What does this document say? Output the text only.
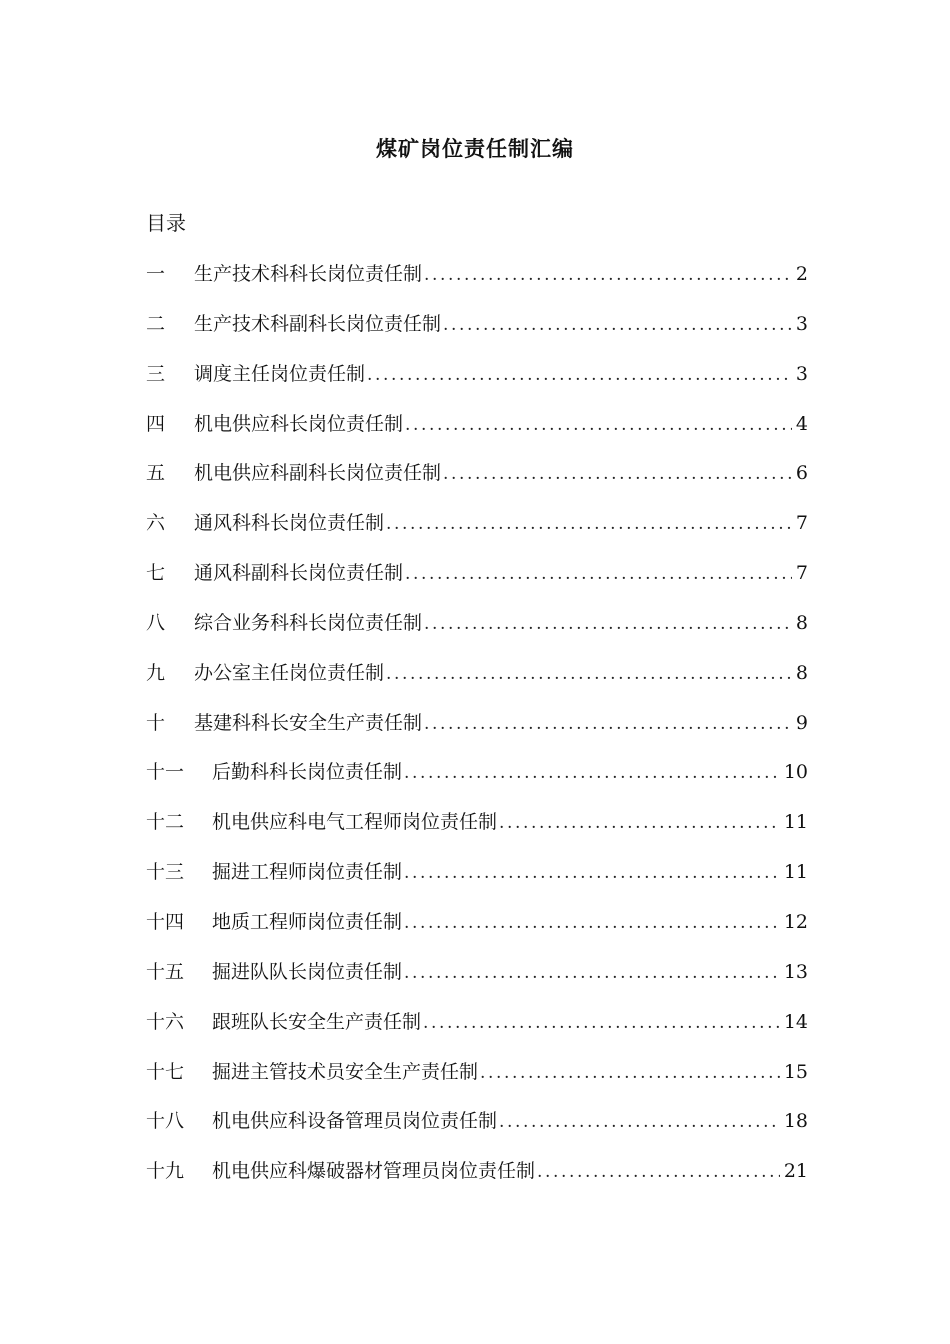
煤矿岗位责任制汇编
目录
一	生产技术科科长岗位责任制 .....	2
二	生产技术科副科长岗位责任制 .....	3
三	调度主任岗位责任制 .....	3
四	机电供应科长岗位责任制 .....	4
五	机电供应科副科长岗位责任制 .....	6
六	通风科科长岗位责任制 .....	7
七	通风科副科长岗位责任制 .....	7
八	综合业务科科长岗位责任制 .....	8
九	办公室主任岗位责任制 .....	8
十	基建科科长安全生产责任制 .....	9
十一	后勤科科长岗位责任制 .....	10
十二	机电供应科电气工程师岗位责任制 .....	11
十三	掘进工程师岗位责任制 .....	11
十四	地质工程师岗位责任制 .....	12
十五	掘进队队长岗位责任制 .....	13
十六	跟班队长安全生产责任制 .....	14
十七	掘进主管技术员安全生产责任制 .....	15
十八	机电供应科设备管理员岗位责任制 .....	18
十九	机电供应科爆破器材管理员岗位责任制 .....	21
